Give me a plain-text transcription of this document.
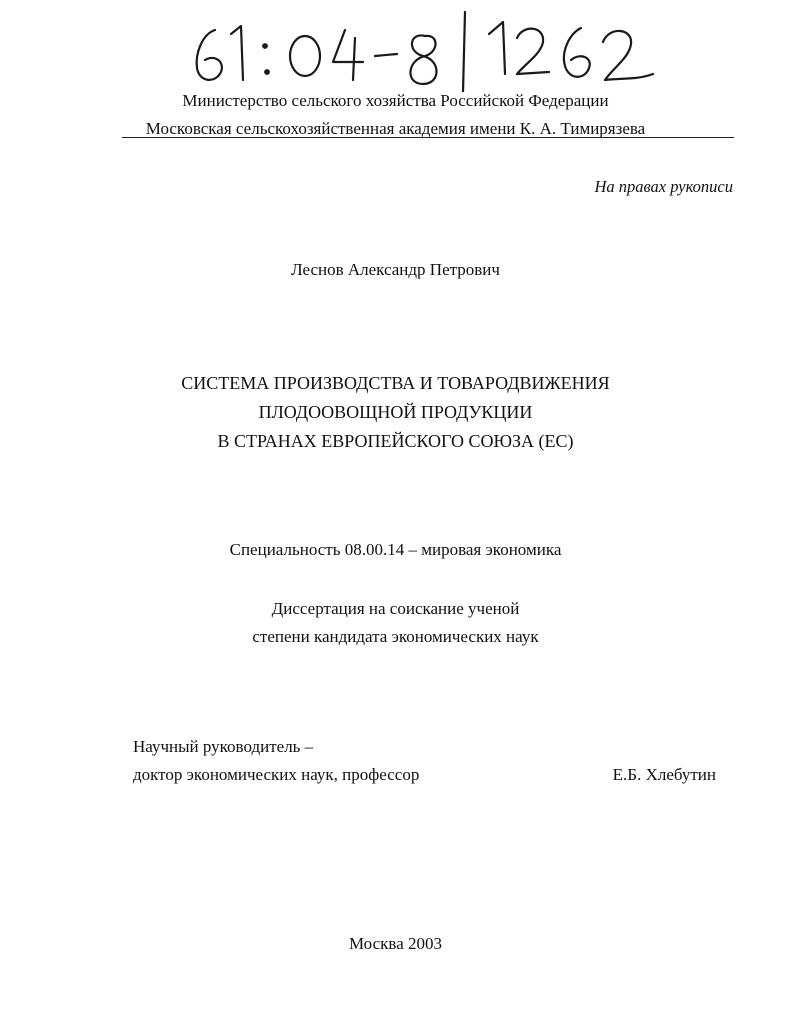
Министерство сельского хозяйства Российской Федерации
Московская сельскохозяйственная академия имени К. А. Тимирязева
На правах рукописи
Леснов Александр Петрович
СИСТЕМА ПРОИЗВОДСТВА И ТОВАРОДВИЖЕНИЯ
ПЛОДООВОЩНОЙ ПРОДУКЦИИ
В СТРАНАХ ЕВРОПЕЙСКОГО СОЮЗА (ЕС)
Специальность 08.00.14 – мировая экономика
Диссертация на соискание ученой
степени кандидата экономических наук
Научный руководитель –
доктор экономических наук, профессор	Е.Б. Хлебутин
Москва 2003
